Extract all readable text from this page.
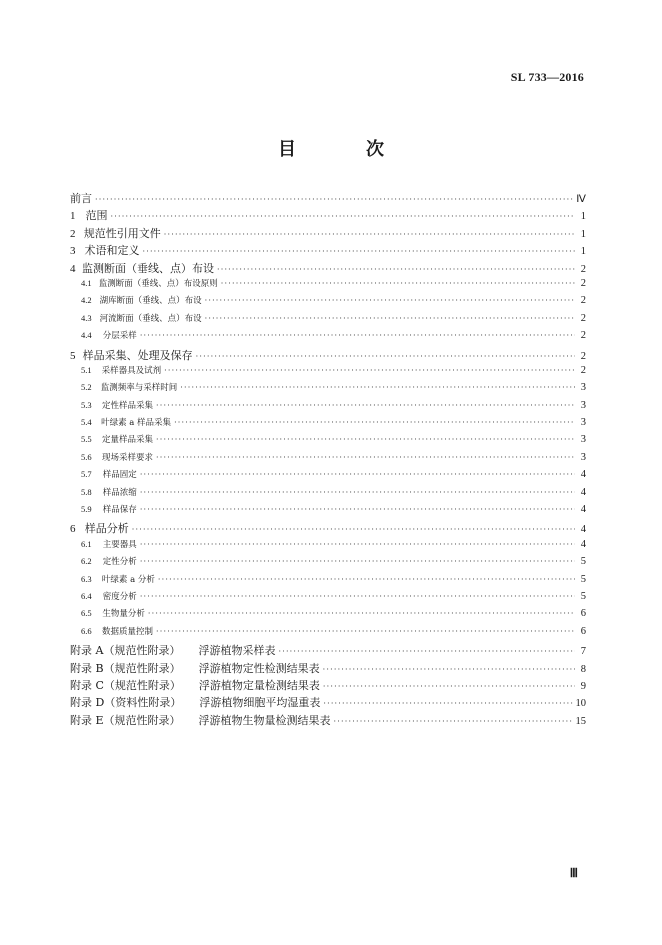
SL 733—2016
目　次
前言 ·····	Ⅳ
1 范围 ·····	1
2 规范性引用文件 ·····	1
3 术语和定义 ·····	1
4 监测断面（垂线、点）布设 ·····	2
4.1 监测断面（垂线、点）布设原则 ·····	2
4.2 湖库断面（垂线、点）布设 ·····	2
4.3 河流断面（垂线、点）布设 ·····	2
4.4	分层采样 ·····	2
5 样品采集、处理及保存 ·····	2
5.1	采样器具及试剂 ·····	2
5.2	监测频率与采样时间 ·····	3
5.3	定性样品采集 ·····	3
5.4	叶绿素 a 样品采集 ·····	3
5.5	定量样品采集 ·····	3
5.6	现场采样要求 ·····	3
5.7	样品固定 ·····	4
5.8	样品浓缩 ·····	4
5.9	样品保存 ·····	4
6 样品分析 ·····	4
6.1	主要器具 ·····	4
6.2	定性分析 ·····	5
6.3	叶绿素 a 分析 ·····	5
6.4	密度分析 ·····	5
6.5	生物量分析 ·····	6
6.6	数据质量控制 ·····	6
附录 A（规范性附录）	浮游植物采样表 ·····	7
附录 B（规范性附录）	浮游植物定性检测结果表 ·····	8
附录 C（规范性附录）	浮游植物定量检测结果表 ·····	9
附录 D（资料性附录）	浮游植物细胞平均湿重表 ·····	10
附录 E（规范性附录）	浮游植物生物量检测结果表 ·····	15
Ⅲ
